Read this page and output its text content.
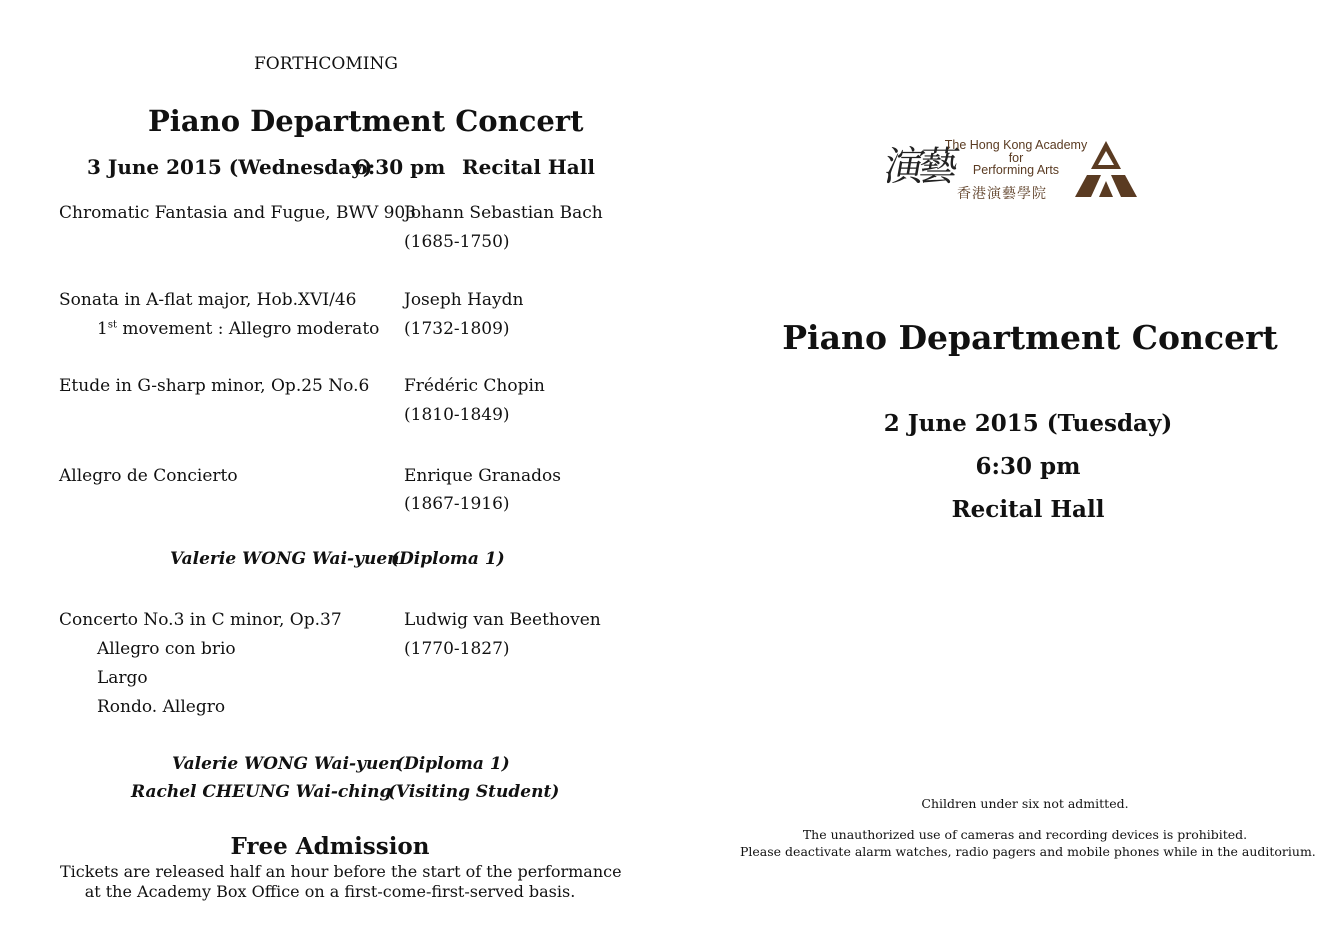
FORTHCOMING
Piano Department Concert
3 June 2015 (Wednesday)
6:30 pm Recital Hall
Chromatic Fantasia and Fugue, BWV 903
Johann Sebastian Bach
(1685-1750)
Sonata in A-flat major, Hob.XVI/46
1st movement : Allegro moderato
Joseph Haydn
(1732-1809)
Etude in G-sharp minor, Op.25 No.6 Frédéric Chopin
(1810-1849)
Allegro de Concierto	Enrique Granados
(1867-1916)
Valerie WONG Wai-yuen
(Diploma 1)
Concerto No.3 in C minor, Op.37
Allegro con brio
Largo
Rondo. Allegro
Ludwig van Beethoven
(1770-1827)
Valerie WONG Wai-yuen
(Diploma 1)
Rachel CHEUNG Wai-ching
(Visiting Student)
Free Admission
Tickets are released half an hour before the start of the performance
at the Academy Box Office on a first-come-first-served basis.
演藝
The Hong Kong Academy
for
Performing Arts
香港演藝學院
Piano Department Concert
2 June 2015 (Tuesday)
6:30 pm
Recital Hall
Children under six not admitted.
The unauthorized use of cameras and recording devices is prohibited.
Please deactivate alarm watches, radio pagers and mobile phones while in the auditorium.
